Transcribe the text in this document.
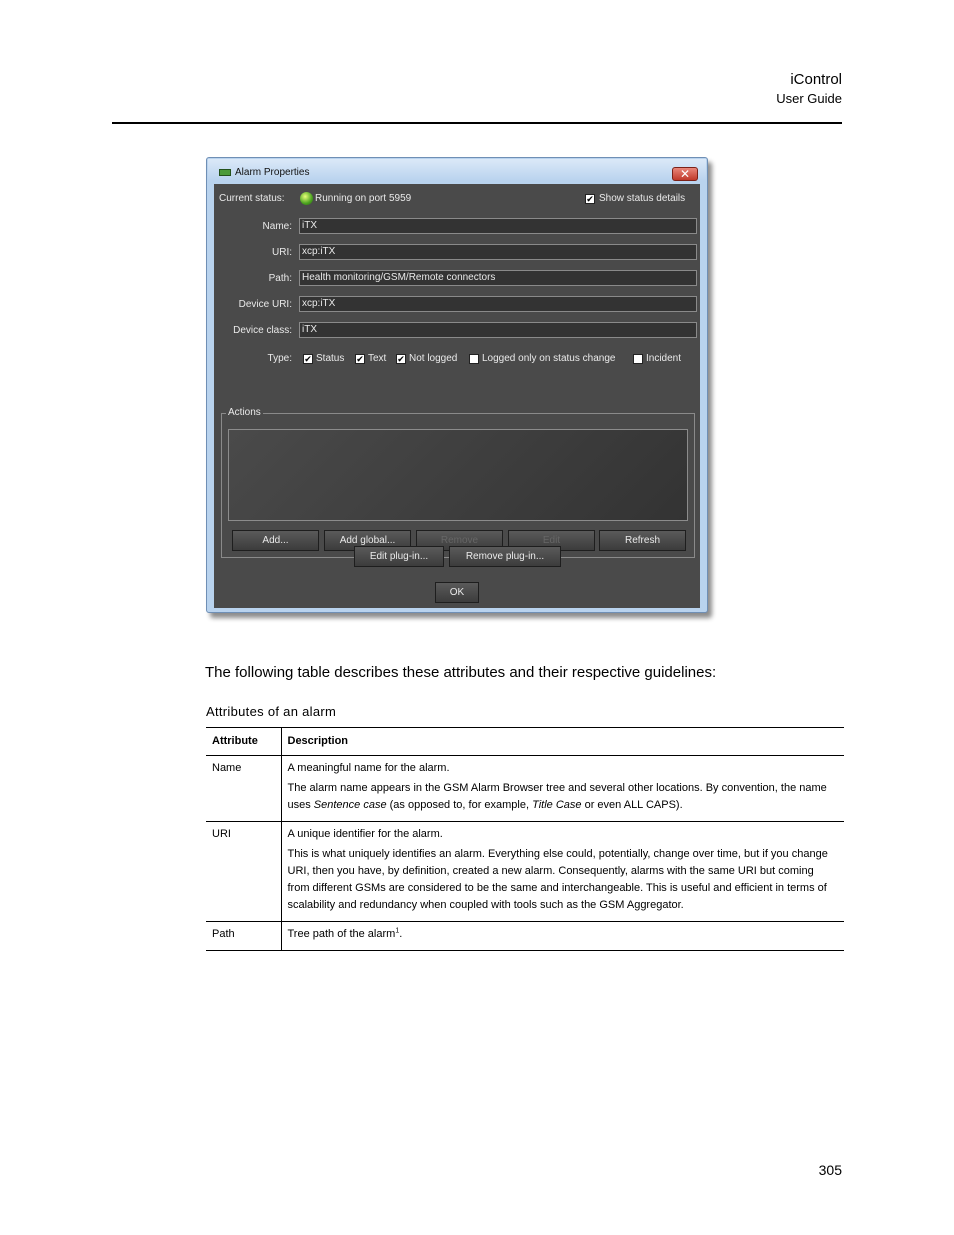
iControl
User Guide
Alarm Properties	✕
Current status:	Running on port 5959	✔ Show status details
Name:	iTX
URI:	xcp:iTX
Path:	Health monitoring/GSM/Remote connectors
Device URI:	xcp:iTX
Device class:	iTX
Type: ✔ Status ✔ Text ✔ Not logged Logged only on status change	Incident
Actions
Add...	Add global...	Remove	Edit	Refresh
Edit plug-in...	Remove plug-in...
OK
The following table describes these attributes and their respective guidelines:
Attributes of an alarm
Attribute	Description
Name	A meaningful name for the alarm.

The alarm name appears in the GSM Alarm Browser tree and several other locations. By convention, the name uses Sentence case (as opposed to, for example, Title Case or even ALL CAPS).

URI	A unique identifier for the alarm.

This is what uniquely identifies an alarm. Everything else could, potentially, change over time, but if you change URI, then you have, by definition, created a new alarm. Consequently, alarms with the same URI but coming from different GSMs are considered to be the same and interchangeable. This is useful and efficient in terms of scalability and redundancy when coupled with tools such as the GSM Aggregator.

Path	Tree path of the alarm$^1$.

305
